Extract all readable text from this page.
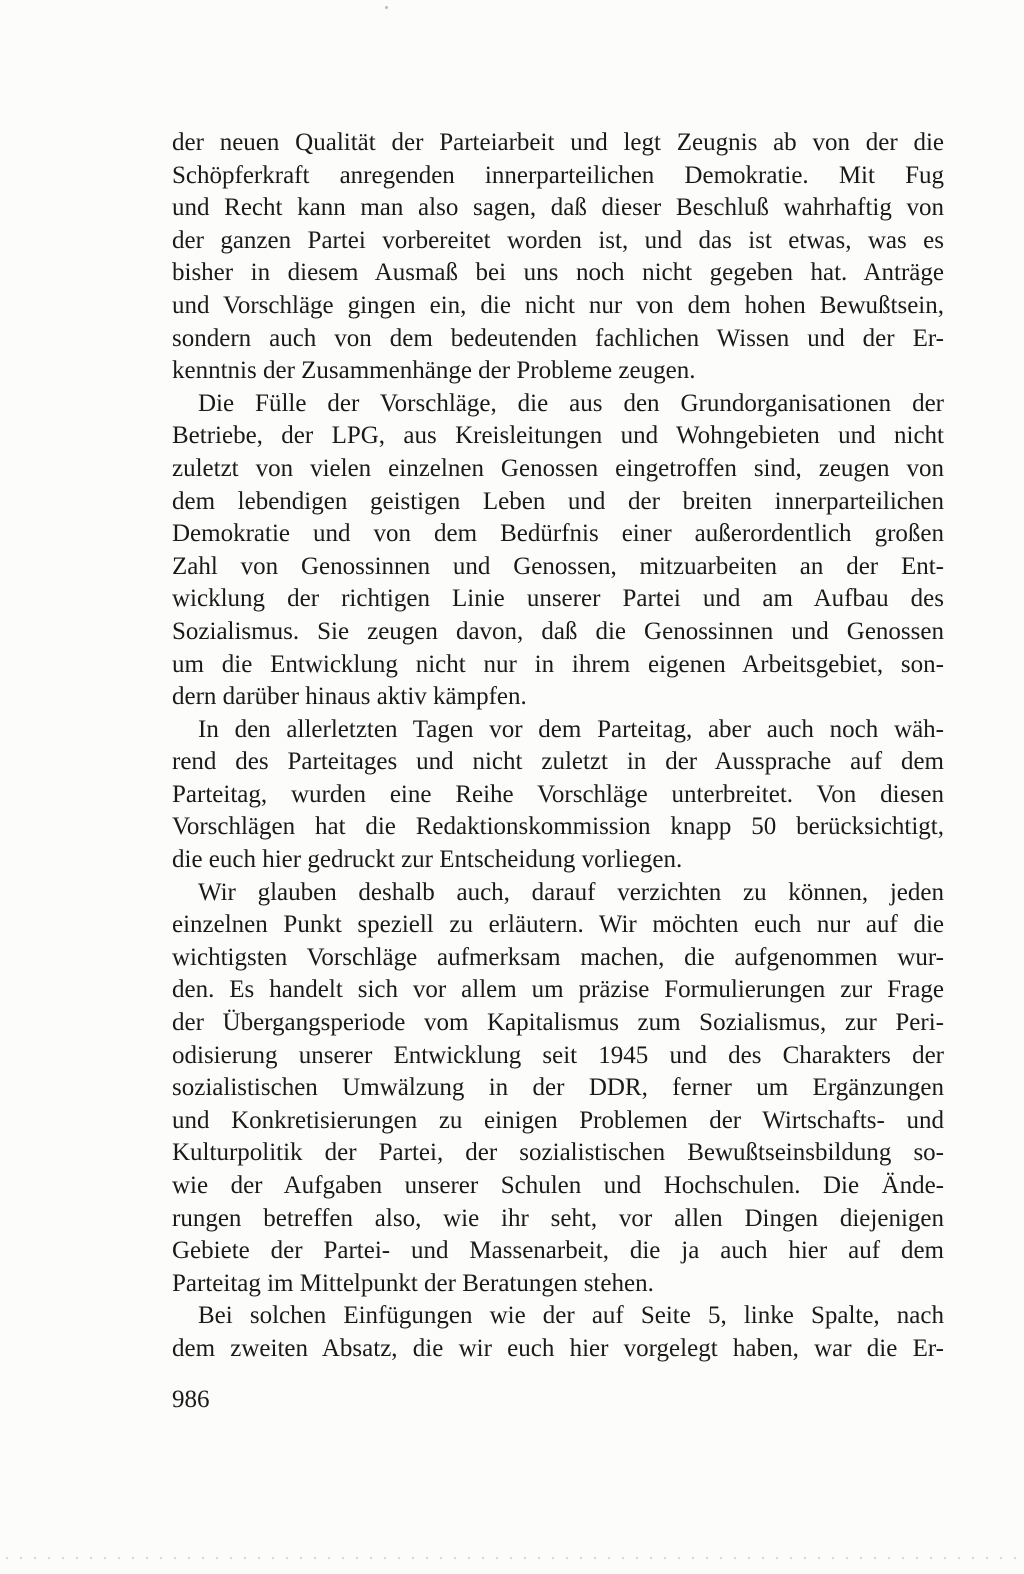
der neuen Qualität der Parteiarbeit und legt Zeugnis ab von der die
Schöpferkraft anregenden innerparteilichen Demokratie. Mit Fug
und Recht kann man also sagen, daß dieser Beschluß wahrhaftig von
der ganzen Partei vorbereitet worden ist, und das ist etwas, was es
bisher in diesem Ausmaß bei uns noch nicht gegeben hat. Anträge
und Vorschläge gingen ein, die nicht nur von dem hohen Bewußtsein,
sondern auch von dem bedeutenden fachlichen Wissen und der Er-
kenntnis der Zusammenhänge der Probleme zeugen.
Die Fülle der Vorschläge, die aus den Grundorganisationen der
Betriebe, der LPG, aus Kreisleitungen und Wohngebieten und nicht
zuletzt von vielen einzelnen Genossen eingetroffen sind, zeugen von
dem lebendigen geistigen Leben und der breiten innerparteilichen
Demokratie und von dem Bedürfnis einer außerordentlich großen
Zahl von Genossinnen und Genossen, mitzuarbeiten an der Ent-
wicklung der richtigen Linie unserer Partei und am Aufbau des
Sozialismus. Sie zeugen davon, daß die Genossinnen und Genossen
um die Entwicklung nicht nur in ihrem eigenen Arbeitsgebiet, son-
dern darüber hinaus aktiv kämpfen.
In den allerletzten Tagen vor dem Parteitag, aber auch noch wäh-
rend des Parteitages und nicht zuletzt in der Aussprache auf dem
Parteitag, wurden eine Reihe Vorschläge unterbreitet. Von diesen
Vorschlägen hat die Redaktionskommission knapp 50 berücksichtigt,
die euch hier gedruckt zur Entscheidung vorliegen.
Wir glauben deshalb auch, darauf verzichten zu können, jeden
einzelnen Punkt speziell zu erläutern. Wir möchten euch nur auf die
wichtigsten Vorschläge aufmerksam machen, die aufgenommen wur-
den. Es handelt sich vor allem um präzise Formulierungen zur Frage
der Übergangsperiode vom Kapitalismus zum Sozialismus, zur Peri-
odisierung unserer Entwicklung seit 1945 und des Charakters der
sozialistischen Umwälzung in der DDR, ferner um Ergänzungen
und Konkretisierungen zu einigen Problemen der Wirtschafts- und
Kulturpolitik der Partei, der sozialistischen Bewußtseinsbildung so-
wie der Aufgaben unserer Schulen und Hochschulen. Die Ände-
rungen betreffen also, wie ihr seht, vor allen Dingen diejenigen
Gebiete der Partei- und Massenarbeit, die ja auch hier auf dem
Parteitag im Mittelpunkt der Beratungen stehen.
Bei solchen Einfügungen wie der auf Seite 5, linke Spalte, nach
dem zweiten Absatz, die wir euch hier vorgelegt haben, war die Er-
986
